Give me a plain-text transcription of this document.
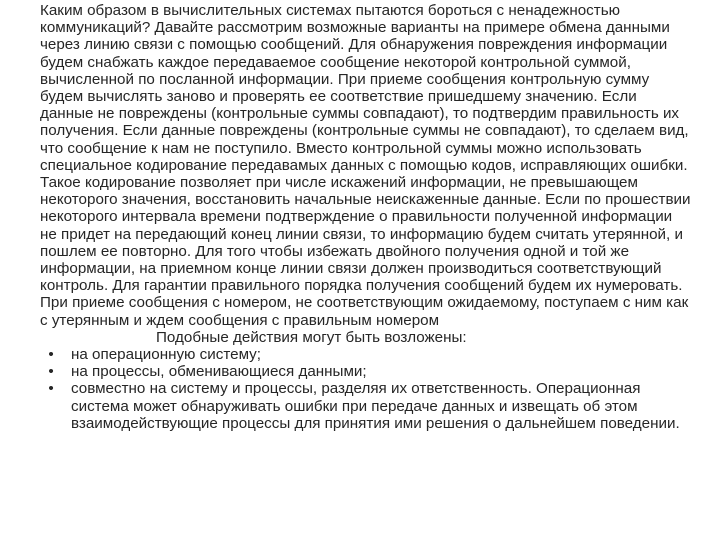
Каким образом в вычислительных системах пытаются бороться с ненадежностью коммуникаций? Давайте рассмотрим возможные варианты на примере обмена данными через линию связи с помощью сообщений. Для обнаружения повреждения информации будем снабжать каждое передаваемое сообщение некоторой контрольной суммой, вычисленной по посланной информации. При приеме сообщения контрольную сумму будем вычислять заново и проверять ее соответствие пришедшему значению. Если данные не повреждены (контрольные суммы совпадают), то подтвердим правильность их получения. Если данные повреждены (контрольные суммы не совпадают), то сделаем вид, что сообщение к нам не поступило. Вместо контрольной суммы можно использовать специальное кодирование передавамых данных с помощью кодов, исправляющих ошибки. Такое кодирование позволяет при числе искажений информации, не превышающем некоторого значения, восстановить начальные неискаженные данные. Если по прошествии некоторого интервала времени подтверждение о правильности полученной информации не придет на передающий конец линии связи, то информацию будем считать утерянной, и пошлем ее повторно. Для того чтобы избежать двойного получения одной и той же информации, на приемном конце линии связи должен производиться соответствующий контроль. Для гарантии правильного порядка получения сообщений будем их нумеровать. При приеме сообщения с номером, не соответствующим ожидаемому, поступаем с ним как с утерянным и ждем сообщения с правильным номером

Подобные действия могут быть возложены:

•	на операционную систему;
•	на процессы, обменивающиеся данными;
•	совместно на систему и процессы, разделяя их ответственность. Операционная система может обнаруживать ошибки при передаче данных и извещать об этом взаимодействующие процессы для принятия ими решения о дальнейшем поведении.
